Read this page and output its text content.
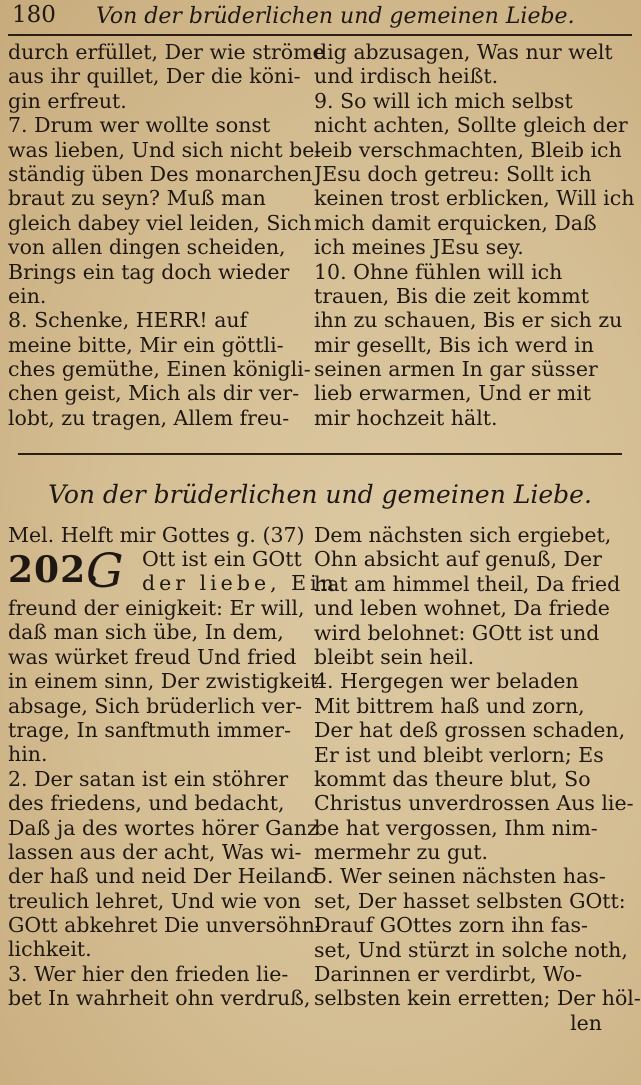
180 Von der brüderlichen und gemeinen Liebe.
durch erfüllet, Der wie ströme
aus ihr quillet, Der die köni-
gin erfreut.
7. Drum wer wollte sonst
was lieben, Und sich nicht be-
ständig üben Des monarchen
braut zu seyn? Muß man
gleich dabey viel leiden, Sich
von allen dingen scheiden,
Brings ein tag doch wieder
ein.
8. Schenke, HERR! auf
meine bitte, Mir ein göttli-
ches gemüthe, Einen königli-
chen geist, Mich als dir ver-
lobt, zu tragen, Allem freu-
dig abzusagen, Was nur welt
und irdisch heißt.
9. So will ich mich selbst
nicht achten, Sollte gleich der
leib verschmachten, Bleib ich
JEsu doch getreu: Sollt ich
keinen trost erblicken, Will ich
mich damit erquicken, Daß
ich meines JEsu sey.
10. Ohne fühlen will ich
trauen, Bis die zeit kommt
ihn zu schauen, Bis er sich zu
mir gesellt, Bis ich werd in
seinen armen In gar süsser
lieb erwarmen, Und er mit
mir hochzeit hält.
Von der brüderlichen und gemeinen Liebe.
Mel. Helft mir Gottes g. (37)
202.
G Ott ist ein GOtt
der liebe, Ein
freund der einigkeit: Er will,
daß man sich übe, In dem,
was würket freud Und fried
in einem sinn, Der zwistigkeit
absage, Sich brüderlich ver-
trage, In sanftmuth immer-
hin.
2. Der satan ist ein stöhrer
des friedens, und bedacht,
Daß ja des wortes hörer Ganz
lassen aus der acht, Was wi-
der haß und neid Der Heiland
treulich lehret, Und wie von
GOtt abkehret Die unversöhn-
lichkeit.
3. Wer hier den frieden lie-
bet In wahrheit ohn verdruß,
Dem nächsten sich ergiebet,
Ohn absicht auf genuß, Der
hat am himmel theil, Da fried
und leben wohnet, Da friede
wird belohnet: GOtt ist und
bleibt sein heil.
4. Hergegen wer beladen
Mit bittrem haß und zorn,
Der hat deß grossen schaden,
Er ist und bleibt verlorn; Es
kommt das theure blut, So
Christus unverdrossen Aus lie-
be hat vergossen, Ihm nim-
mermehr zu gut.
5. Wer seinen nächsten has-
set, Der hasset selbsten GOtt:
Drauf GOttes zorn ihn fas-
set, Und stürzt in solche noth,
Darinnen er verdirbt, Wo-
selbsten kein erretten; Der höl-
len
